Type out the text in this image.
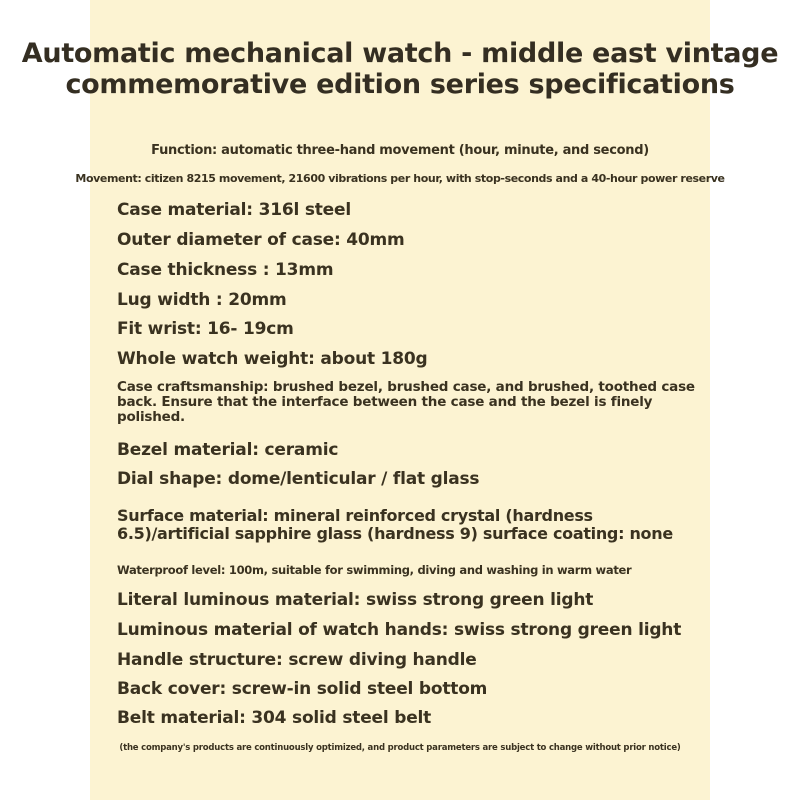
Automatic mechanical watch - middle east vintage
commemorative edition series specifications
Function: automatic three-hand movement (hour, minute, and second)
Movement: citizen 8215 movement, 21600 vibrations per hour, with stop-seconds and a 40-hour power reserve
Case material: 316l steel
Outer diameter of case: 40mm
Case thickness : 13mm
Lug width : 20mm
Fit wrist: 16- 19cm
Whole watch weight: about 180g
Case craftsmanship: brushed bezel, brushed case, and brushed, toothed case back. Ensure that the interface between the case and the bezel is finely polished.
Bezel material: ceramic
Dial shape: dome/lenticular / flat glass
Surface material: mineral reinforced crystal (hardness 6.5)/artificial sapphire glass (hardness 9) surface coating: none
Waterproof level: 100m, suitable for swimming, diving and washing in warm water
Literal luminous material: swiss strong green light
Luminous material of watch hands: swiss strong green light
Handle structure: screw diving handle
Back cover: screw-in solid steel bottom
Belt material: 304 solid steel belt
(the company's products are continuously optimized, and product parameters are subject to change without prior notice)
